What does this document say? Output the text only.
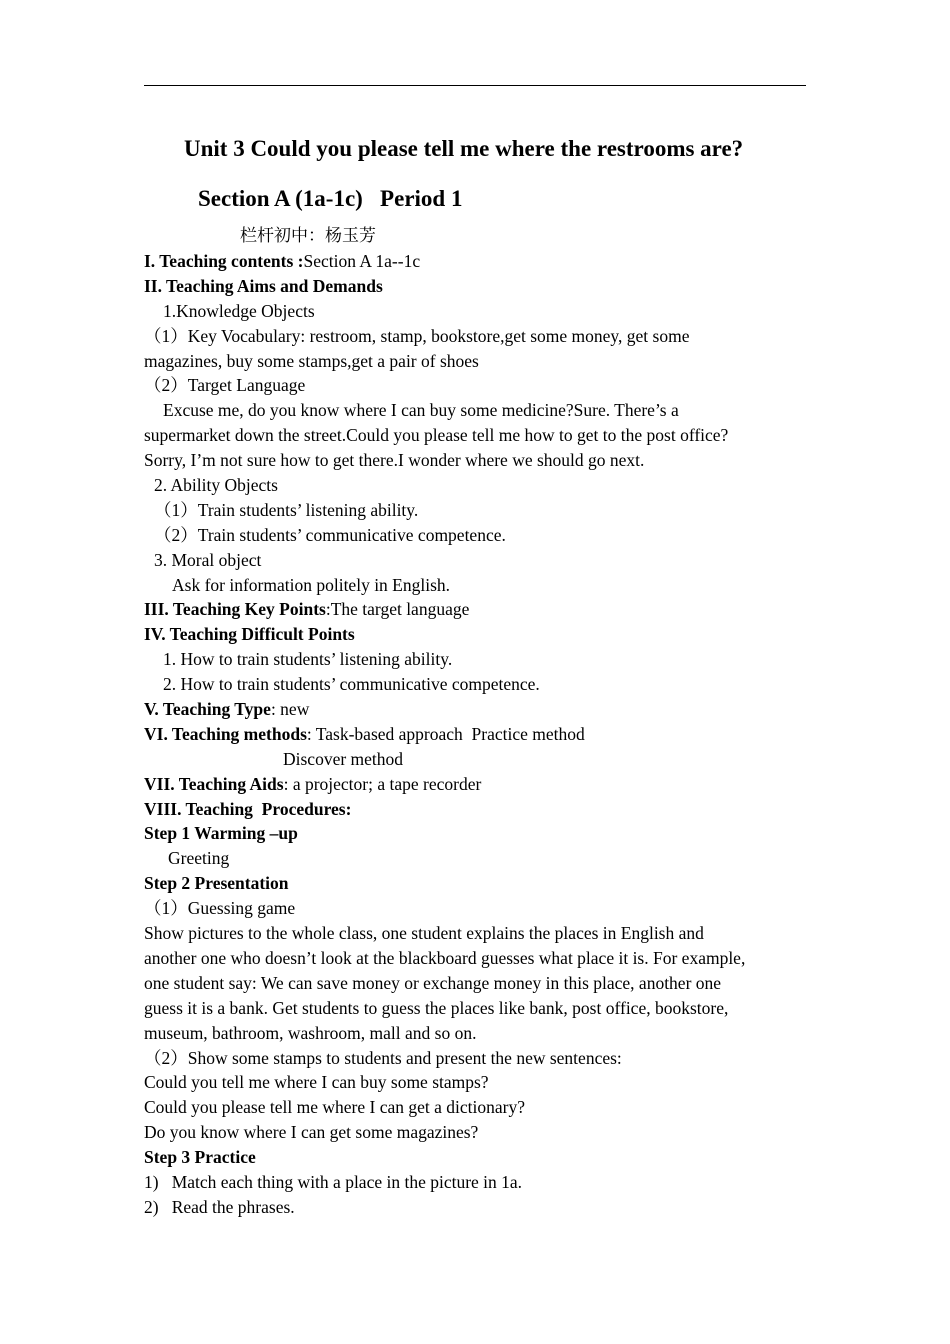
Unit 3 Could you please tell me where the restrooms are?
Section A (1a-1c)   Period 1
栏杆初中：杨玉芳
I. Teaching contents :Section A 1a--1c
II. Teaching Aims and Demands
1.Knowledge Objects
（1）Key Vocabulary: restroom, stamp, bookstore,get some money, get some
magazines, buy some stamps,get a pair of shoes
（2）Target Language
Excuse me, do you know where I can buy some medicine?Sure. There’s a
supermarket down the street.Could you please tell me how to get to the post office?
Sorry, I’m not sure how to get there.I wonder where we should go next.
2. Ability Objects
（1）Train students’ listening ability.
（2）Train students’ communicative competence.
3. Moral object
Ask for information politely in English.
III. Teaching Key Points:The target language
IV. Teaching Difficult Points
1. How to train students’ listening ability.
2. How to train students’ communicative competence.
V. Teaching Type: new
VI. Teaching methods: Task-based approach  Practice method
Discover method
VII. Teaching Aids: a projector; a tape recorder
VIII. Teaching  Procedures:
Step 1 Warming –up
Greeting
Step 2 Presentation
（1）Guessing game
Show pictures to the whole class, one student explains the places in English and
another one who doesn’t look at the blackboard guesses what place it is. For example,
one student say: We can save money or exchange money in this place, another one
guess it is a bank. Get students to guess the places like bank, post office, bookstore,
museum, bathroom, washroom, mall and so on.
（2）Show some stamps to students and present the new sentences:
Could you tell me where I can buy some stamps?
Could you please tell me where I can get a dictionary?
Do you know where I can get some magazines?
Step 3 Practice
1)   Match each thing with a place in the picture in 1a.
2)   Read the phrases.
